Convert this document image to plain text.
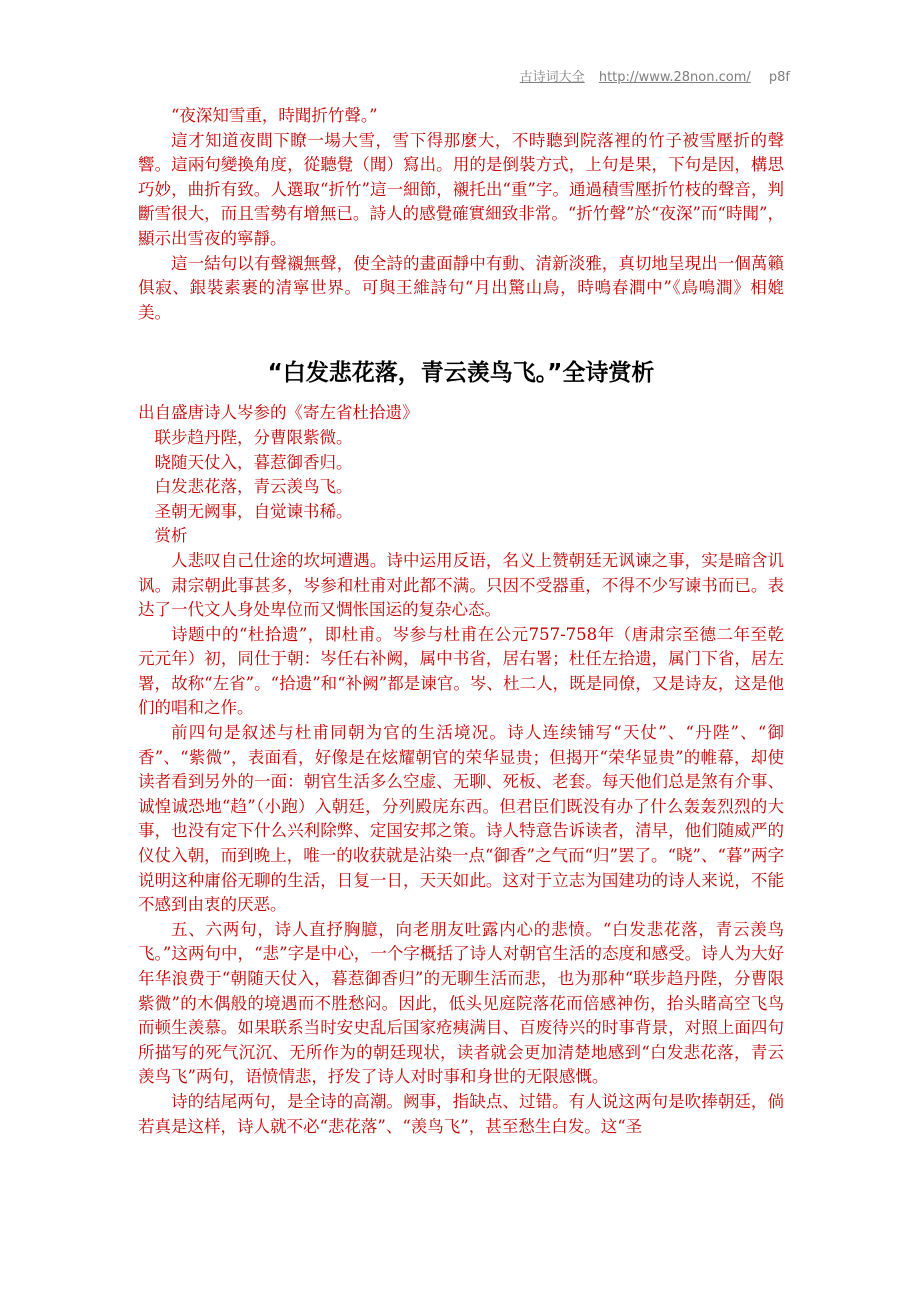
古诗词大全 http://www.28non.com/ p8f

“夜深知雪重，時聞折竹聲。”

這才知道夜間下瞭一場大雪，雪下得那麼大，不時聽到院落裡的竹子被雪壓折的聲響。這兩句變換角度，從聽覺（聞）寫出。用的是倒裝方式，上句是果，下句是因，構思巧妙，曲折有致。人選取“折竹”這一細節，襯托出“重”字。通過積雪壓折竹枝的聲音，判斷雪很大，而且雪勢有增無已。詩人的感覺確實細致非常。“折竹聲”於“夜深”而“時聞”，顯示出雪夜的寧靜。

這一結句以有聲襯無聲，使全詩的畫面靜中有動、清新淡雅，真切地呈現出一個萬籟俱寂、銀裝素裹的清寧世界。可與王維詩句“月出驚山鳥，時鳴春澗中”《鳥鳴澗》相媲美。

“白发悲花落，青云羡鸟飞。”全诗赏析

出自盛唐诗人岑参的《寄左省杜拾遗》

联步趋丹陛，分曹限紫微。

晓随天仗入，暮惹御香归。

白发悲花落，青云羡鸟飞。

圣朝无阙事，自觉谏书稀。

赏析

人悲叹自己仕途的坎坷遭遇。诗中运用反语，名义上赞朝廷无讽谏之事，实是暗含讥讽。肃宗朝此事甚多，岑参和杜甫对此都不满。只因不受器重，不得不少写谏书而已。表达了一代文人身处卑位而又惆怅国运的复杂心态。

诗题中的“杜拾遗”，即杜甫。岑参与杜甫在公元757-758年（唐肃宗至德二年至乾元元年）初，同仕于朝：岑任右补阙，属中书省，居右署；杜任左拾遗，属门下省，居左署，故称“左省”。“拾遗”和“补阙”都是谏官。岑、杜二人，既是同僚，又是诗友，这是他们的唱和之作。

前四句是叙述与杜甫同朝为官的生活境况。诗人连续铺写“天仗”、“丹陛”、“御香”、“紫微”，表面看，好像是在炫耀朝官的荣华显贵；但揭开“荣华显贵”的帷幕，却使读者看到另外的一面：朝官生活多么空虚、无聊、死板、老套。每天他们总是煞有介事、诚惶诚恐地“趋”（小跑）入朝廷，分列殿庑东西。但君臣们既没有办了什么轰轰烈烈的大事，也没有定下什么兴利除弊、定国安邦之策。诗人特意告诉读者，清早，他们随威严的仪仗入朝，而到晚上，唯一的收获就是沾染一点“御香”之气而“归”罢了。“晓”、“暮”两字说明这种庸俗无聊的生活，日复一日，天天如此。这对于立志为国建功的诗人来说，不能不感到由衷的厌恶。

五、六两句，诗人直抒胸臆，向老朋友吐露内心的悲愤。“白发悲花落，青云羡鸟飞。”这两句中，“悲”字是中心，一个字概括了诗人对朝官生活的态度和感受。诗人为大好年华浪费于“朝随天仗入，暮惹御香归”的无聊生活而悲，也为那种“联步趋丹陛，分曹限紫微”的木偶般的境遇而不胜愁闷。因此，低头见庭院落花而倍感神伤，抬头睹高空飞鸟而顿生羡慕。如果联系当时安史乱后国家疮痍满目、百废待兴的时事背景，对照上面四句所描写的死气沉沉、无所作为的朝廷现状，读者就会更加清楚地感到“白发悲花落，青云羡鸟飞”两句，语愤情悲，抒发了诗人对时事和身世的无限感慨。

诗的结尾两句，是全诗的高潮。阙事，指缺点、过错。有人说这两句是吹捧朝廷，倘若真是这样，诗人就不必“悲花落”、“羡鸟飞”，甚至愁生白发。这“圣
